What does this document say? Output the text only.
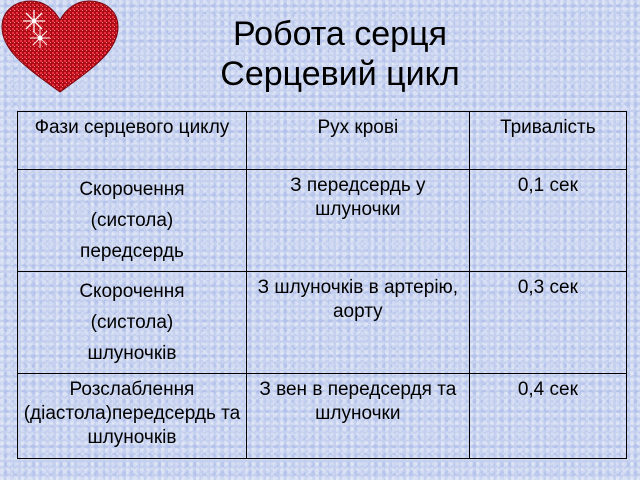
Робота серця
Серцевий цикл
Фази серцевого циклу	Рух крові	Тривалість

Скорочення
(систола)
передсердь	З передсердь у шлуночки	0,1 сек

Скорочення
(систола)
шлуночків	З шлуночків в артерію, аорту	0,3 сек

Розслаблення (діастола)передсердь та шлуночків	З вен в передсердя та шлуночки	0,4 сек
